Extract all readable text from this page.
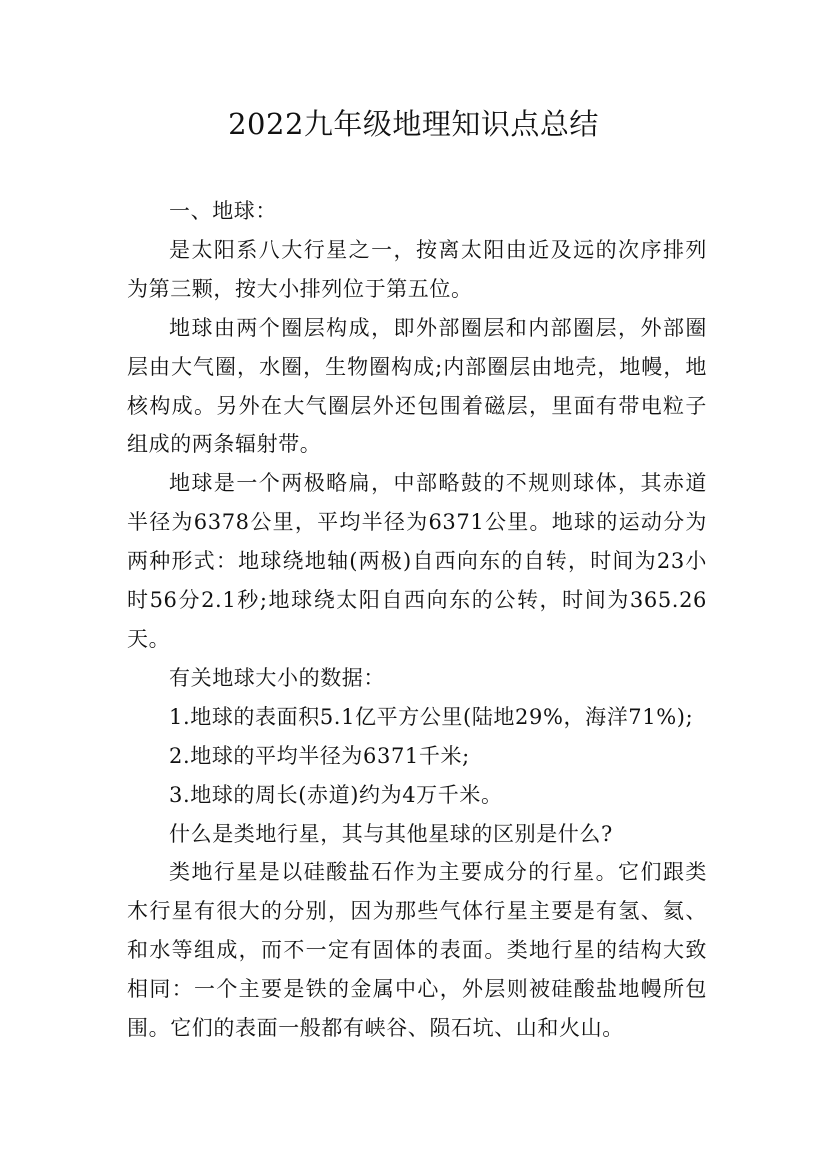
2022九年级地理知识点总结

一、地球：

是太阳系八大行星之一，按离太阳由近及远的次序排列为第三颗，按大小排列位于第五位。

地球由两个圈层构成，即外部圈层和内部圈层，外部圈层由大气圈，水圈，生物圈构成;内部圈层由地壳，地幔，地核构成。另外在大气圈层外还包围着磁层，里面有带电粒子组成的两条辐射带。

地球是一个两极略扁，中部略鼓的不规则球体，其赤道半径为6378公里，平均半径为6371公里。地球的运动分为两种形式：地球绕地轴(两极)自西向东的自转，时间为23小时56分2.1秒;地球绕太阳自西向东的公转，时间为365.26天。

有关地球大小的数据：

1.地球的表面积5.1亿平方公里(陆地29%，海洋71%);

2.地球的平均半径为6371千米;

3.地球的周长(赤道)约为4万千米。

什么是类地行星，其与其他星球的区别是什么?

类地行星是以硅酸盐石作为主要成分的行星。它们跟类木行星有很大的分别，因为那些气体行星主要是有氢、氦、和水等组成，而不一定有固体的表面。类地行星的结构大致相同：一个主要是铁的金属中心，外层则被硅酸盐地幔所包围。它们的表面一般都有峡谷、陨石坑、山和火山。
